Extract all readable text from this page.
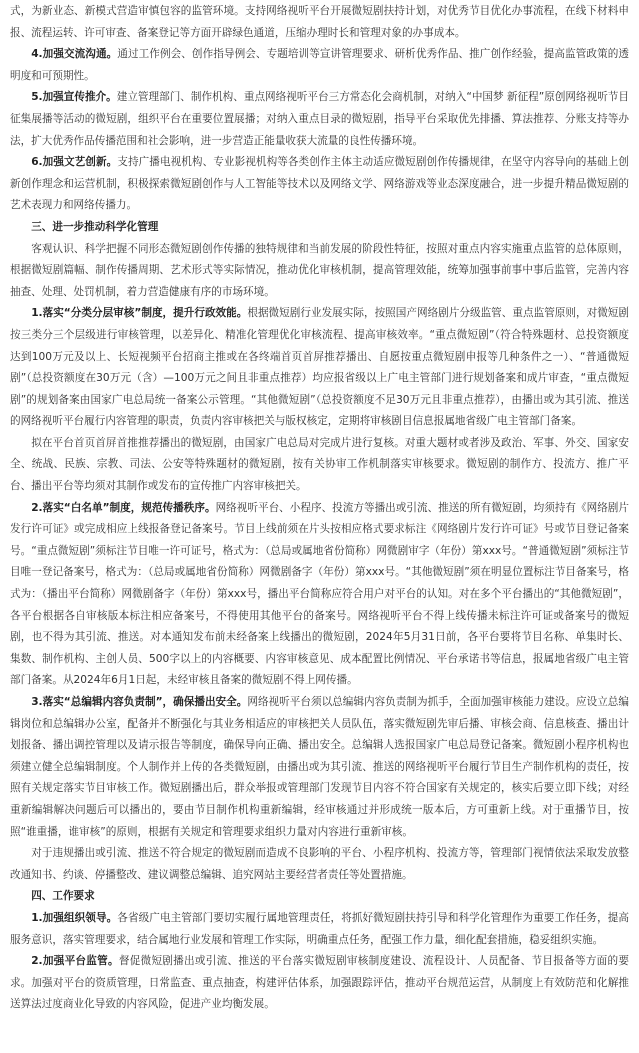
式，为新业态、新模式营造审慎包容的监管环境。支持网络视听平台开展微短剧扶持计划，对优秀节目优化办事流程，在线下材料申报、流程运转、许可审查、备案登记等方面开辟绿色通道，压缩办理时长和管理对象的办事成本。

4.加强交流沟通。通过工作例会、创作指导例会、专题培训等宣讲管理要求、研析优秀作品、推广创作经验，提高监管政策的透明度和可预期性。

5.加强宣传推介。建立管理部门、制作机构、重点网络视听平台三方常态化会商机制，对纳入“中国梦 新征程”原创网络视听节目征集展播等活动的微短剧，组织平台在重要位置展播；对纳入重点目录的微短剧，指导平台采取优先排播、算法推荐、分账支持等办法，扩大优秀作品传播范围和社会影响，进一步营造正能量收获大流量的良性传播环境。

6.加强文艺创新。支持广播电视机构、专业影视机构等各类创作主体主动适应微短剧创作传播规律，在坚守内容导向的基础上创新创作理念和运营机制，积极探索微短剧创作与人工智能等技术以及网络文学、网络游戏等业态深度融合，进一步提升精品微短剧的艺术表现力和网络传播力。

三、进一步推动科学化管理

客观认识、科学把握不同形态微短剧创作传播的独特规律和当前发展的阶段性特征，按照对重点内容实施重点监管的总体原则，根据微短剧篇幅、制作传播周期、艺术形式等实际情况，推动优化审核机制，提高管理效能，统筹加强事前事中事后监管，完善内容抽查、处理、处罚机制，着力营造健康有序的市场环境。

1.落实“分类分层审核”制度，提升行政效能。根据微短剧行业发展实际，按照国产网络剧片分级监管、重点监管原则，对微短剧按三类分三个层级进行审核管理，以差异化、精准化管理优化审核流程、提高审核效率。“重点微短剧”（符合特殊题材、总投资额度达到100万元及以上、长短视频平台招商主推或在各终端首页首屏推荐播出、自愿按重点微短剧申报等几种条件之一）、“普通微短剧”（总投资额度在30万元（含）—100万元之间且非重点推荐）均应报省级以上广电主管部门进行规划备案和成片审查，“重点微短剧”的规划备案由国家广电总局统一备案公示管理。“其他微短剧”（总投资额度不足30万元且非重点推荐），由播出或为其引流、推送的网络视听平台履行内容管理的职责，负责内容审核把关与版权核定，定期将审核剧目信息报属地省级广电主管部门备案。

拟在平台首页首屏首推推荐播出的微短剧，由国家广电总局对完成片进行复核。对重大题材或者涉及政治、军事、外交、国家安全、统战、民族、宗教、司法、公安等特殊题材的微短剧，按有关协审工作机制落实审核要求。微短剧的制作方、投流方、推广平台、播出平台等均须对其制作或发布的宣传推广内容审核把关。

2.落实“白名单”制度，规范传播秩序。网络视听平台、小程序、投流方等播出或引流、推送的所有微短剧，均须持有《网络剧片发行许可证》或完成相应上线报备登记备案号。节目上线前须在片头按相应格式要求标注《网络剧片发行许可证》号或节目登记备案号。“重点微短剧”须标注节目唯一许可证号，格式为：（总局或属地省份简称）网微剧审字（年份）第xxx号。“普通微短剧”须标注节目唯一登记备案号，格式为：（总局或属地省份简称）网微剧备字（年份）第xxx号。“其他微短剧”须在明显位置标注节目备案号，格式为：（播出平台简称）网微剧备字（年份）第xxx号，播出平台简称应符合用户对平台的认知。对在多个平台播出的“其他微短剧”，各平台根据各自审核版本标注相应备案号，不得使用其他平台的备案号。网络视听平台不得上线传播未标注许可证或备案号的微短剧，也不得为其引流、推送。对本通知发布前未经备案上线播出的微短剧，2024年5月31日前，各平台要将节目名称、单集时长、集数、制作机构、主创人员、500字以上的内容概要、内容审核意见、成本配置比例情况、平台承诺书等信息，报属地省级广电主管部门备案。从2024年6月1日起，未经审核且备案的微短剧不得上网传播。

3.落实“总编辑内容负责制”，确保播出安全。网络视听平台须以总编辑内容负责制为抓手，全面加强审核能力建设。应设立总编辑岗位和总编辑办公室，配备并不断强化与其业务相适应的审核把关人员队伍，落实微短剧先审后播、审核会商、信息核查、播出计划报备、播出调控管理以及请示报告等制度，确保导向正确、播出安全。总编辑人选报国家广电总局登记备案。微短剧小程序机构也须建立健全总编辑制度。个人制作并上传的各类微短剧，由播出或为其引流、推送的网络视听平台履行节目生产制作机构的责任，按照有关规定落实节目审核工作。微短剧播出后，群众举报或管理部门发现节目内容不符合国家有关规定的，核实后要立即下线；对经重新编辑解决问题后可以播出的，要由节目制作机构重新编辑，经审核通过并形成统一版本后，方可重新上线。对于重播节目，按照“谁重播，谁审核”的原则，根据有关规定和管理要求组织力量对内容进行重新审核。

对于违规播出或引流、推送不符合规定的微短剧而造成不良影响的平台、小程序机构、投流方等，管理部门视情依法采取发放整改通知书、约谈、停播整改、建议调整总编辑、追究网站主要经营者责任等处置措施。

四、工作要求

1.加强组织领导。各省级广电主管部门要切实履行属地管理责任，将抓好微短剧扶持引导和科学化管理作为重要工作任务，提高服务意识，落实管理要求，结合属地行业发展和管理工作实际，明确重点任务，配强工作力量，细化配套措施，稳妥组织实施。

2.加强平台监管。督促微短剧播出或引流、推送的平台落实微短剧审核制度建设、流程设计、人员配备、节目报备等方面的要求。加强对平台的资质管理，日常监查、重点抽查，构建评估体系，加强跟踪评估，推动平台规范运营，从制度上有效防范和化解推送算法过度商业化导致的内容风险，促进产业均衡发展。
